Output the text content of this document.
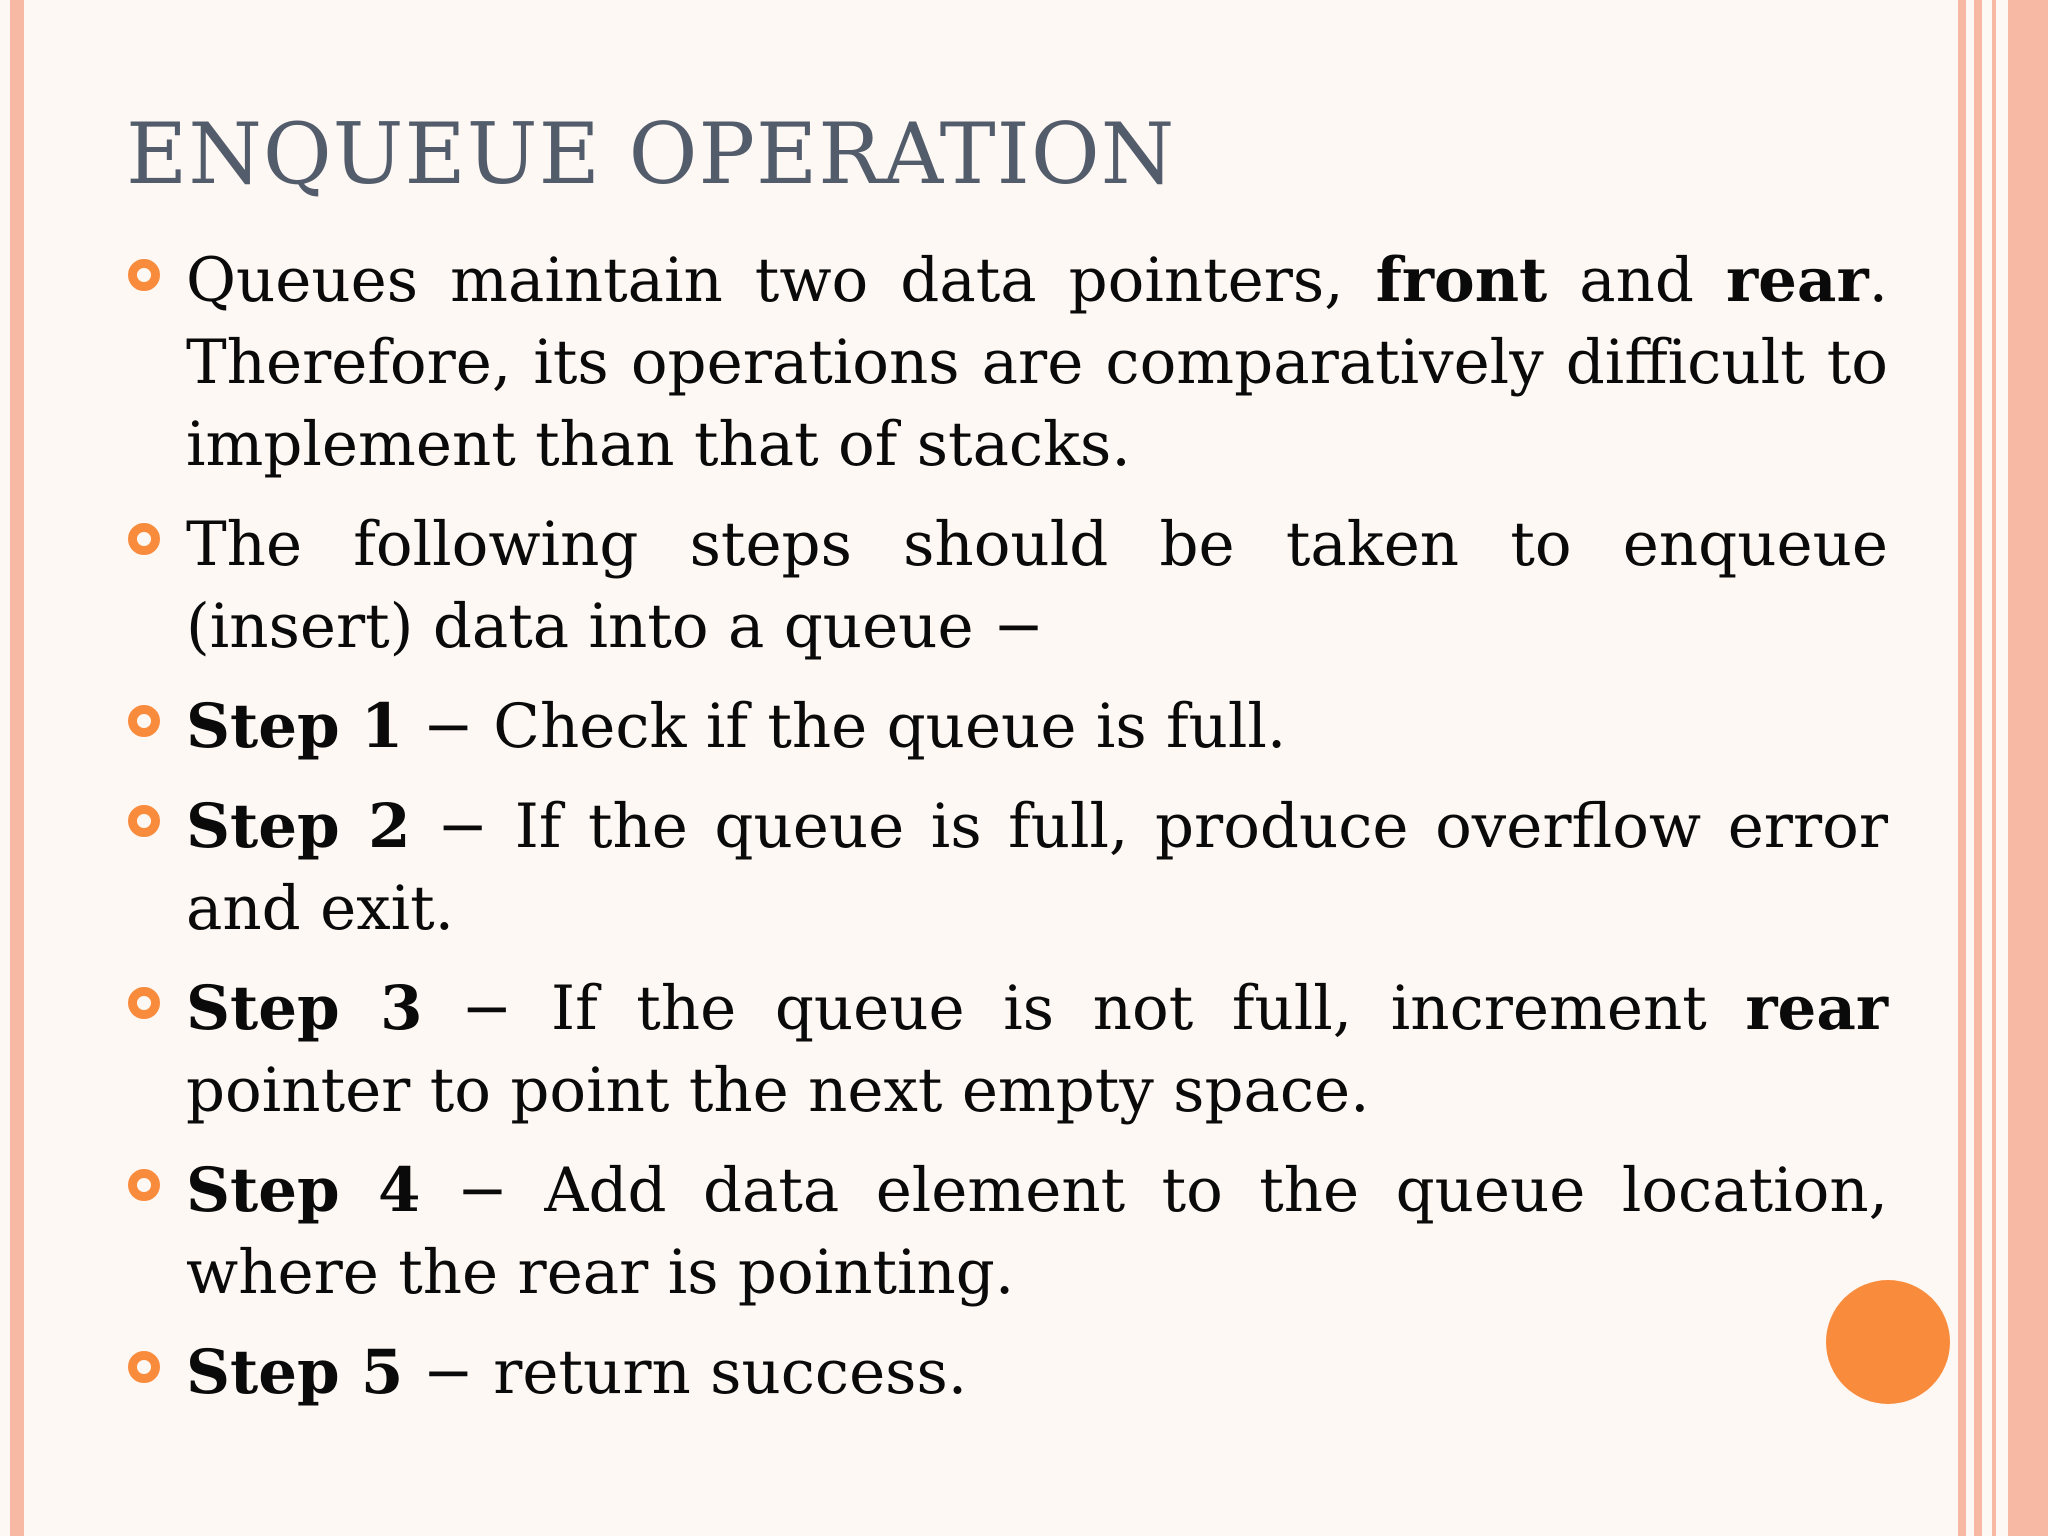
ENQUEUE OPERATION
Queues maintain two data pointers, front and rear. Therefore, its operations are comparatively difficult to implement than that of stacks.
The following steps should be taken to enqueue (insert) data into a queue −
Step 1 − Check if the queue is full.
Step 2 − If the queue is full, produce overflow error and exit.
Step 3 − If the queue is not full, increment rear pointer to point the next empty space.
Step 4 − Add data element to the queue location, where the rear is pointing.
Step 5 − return success.
